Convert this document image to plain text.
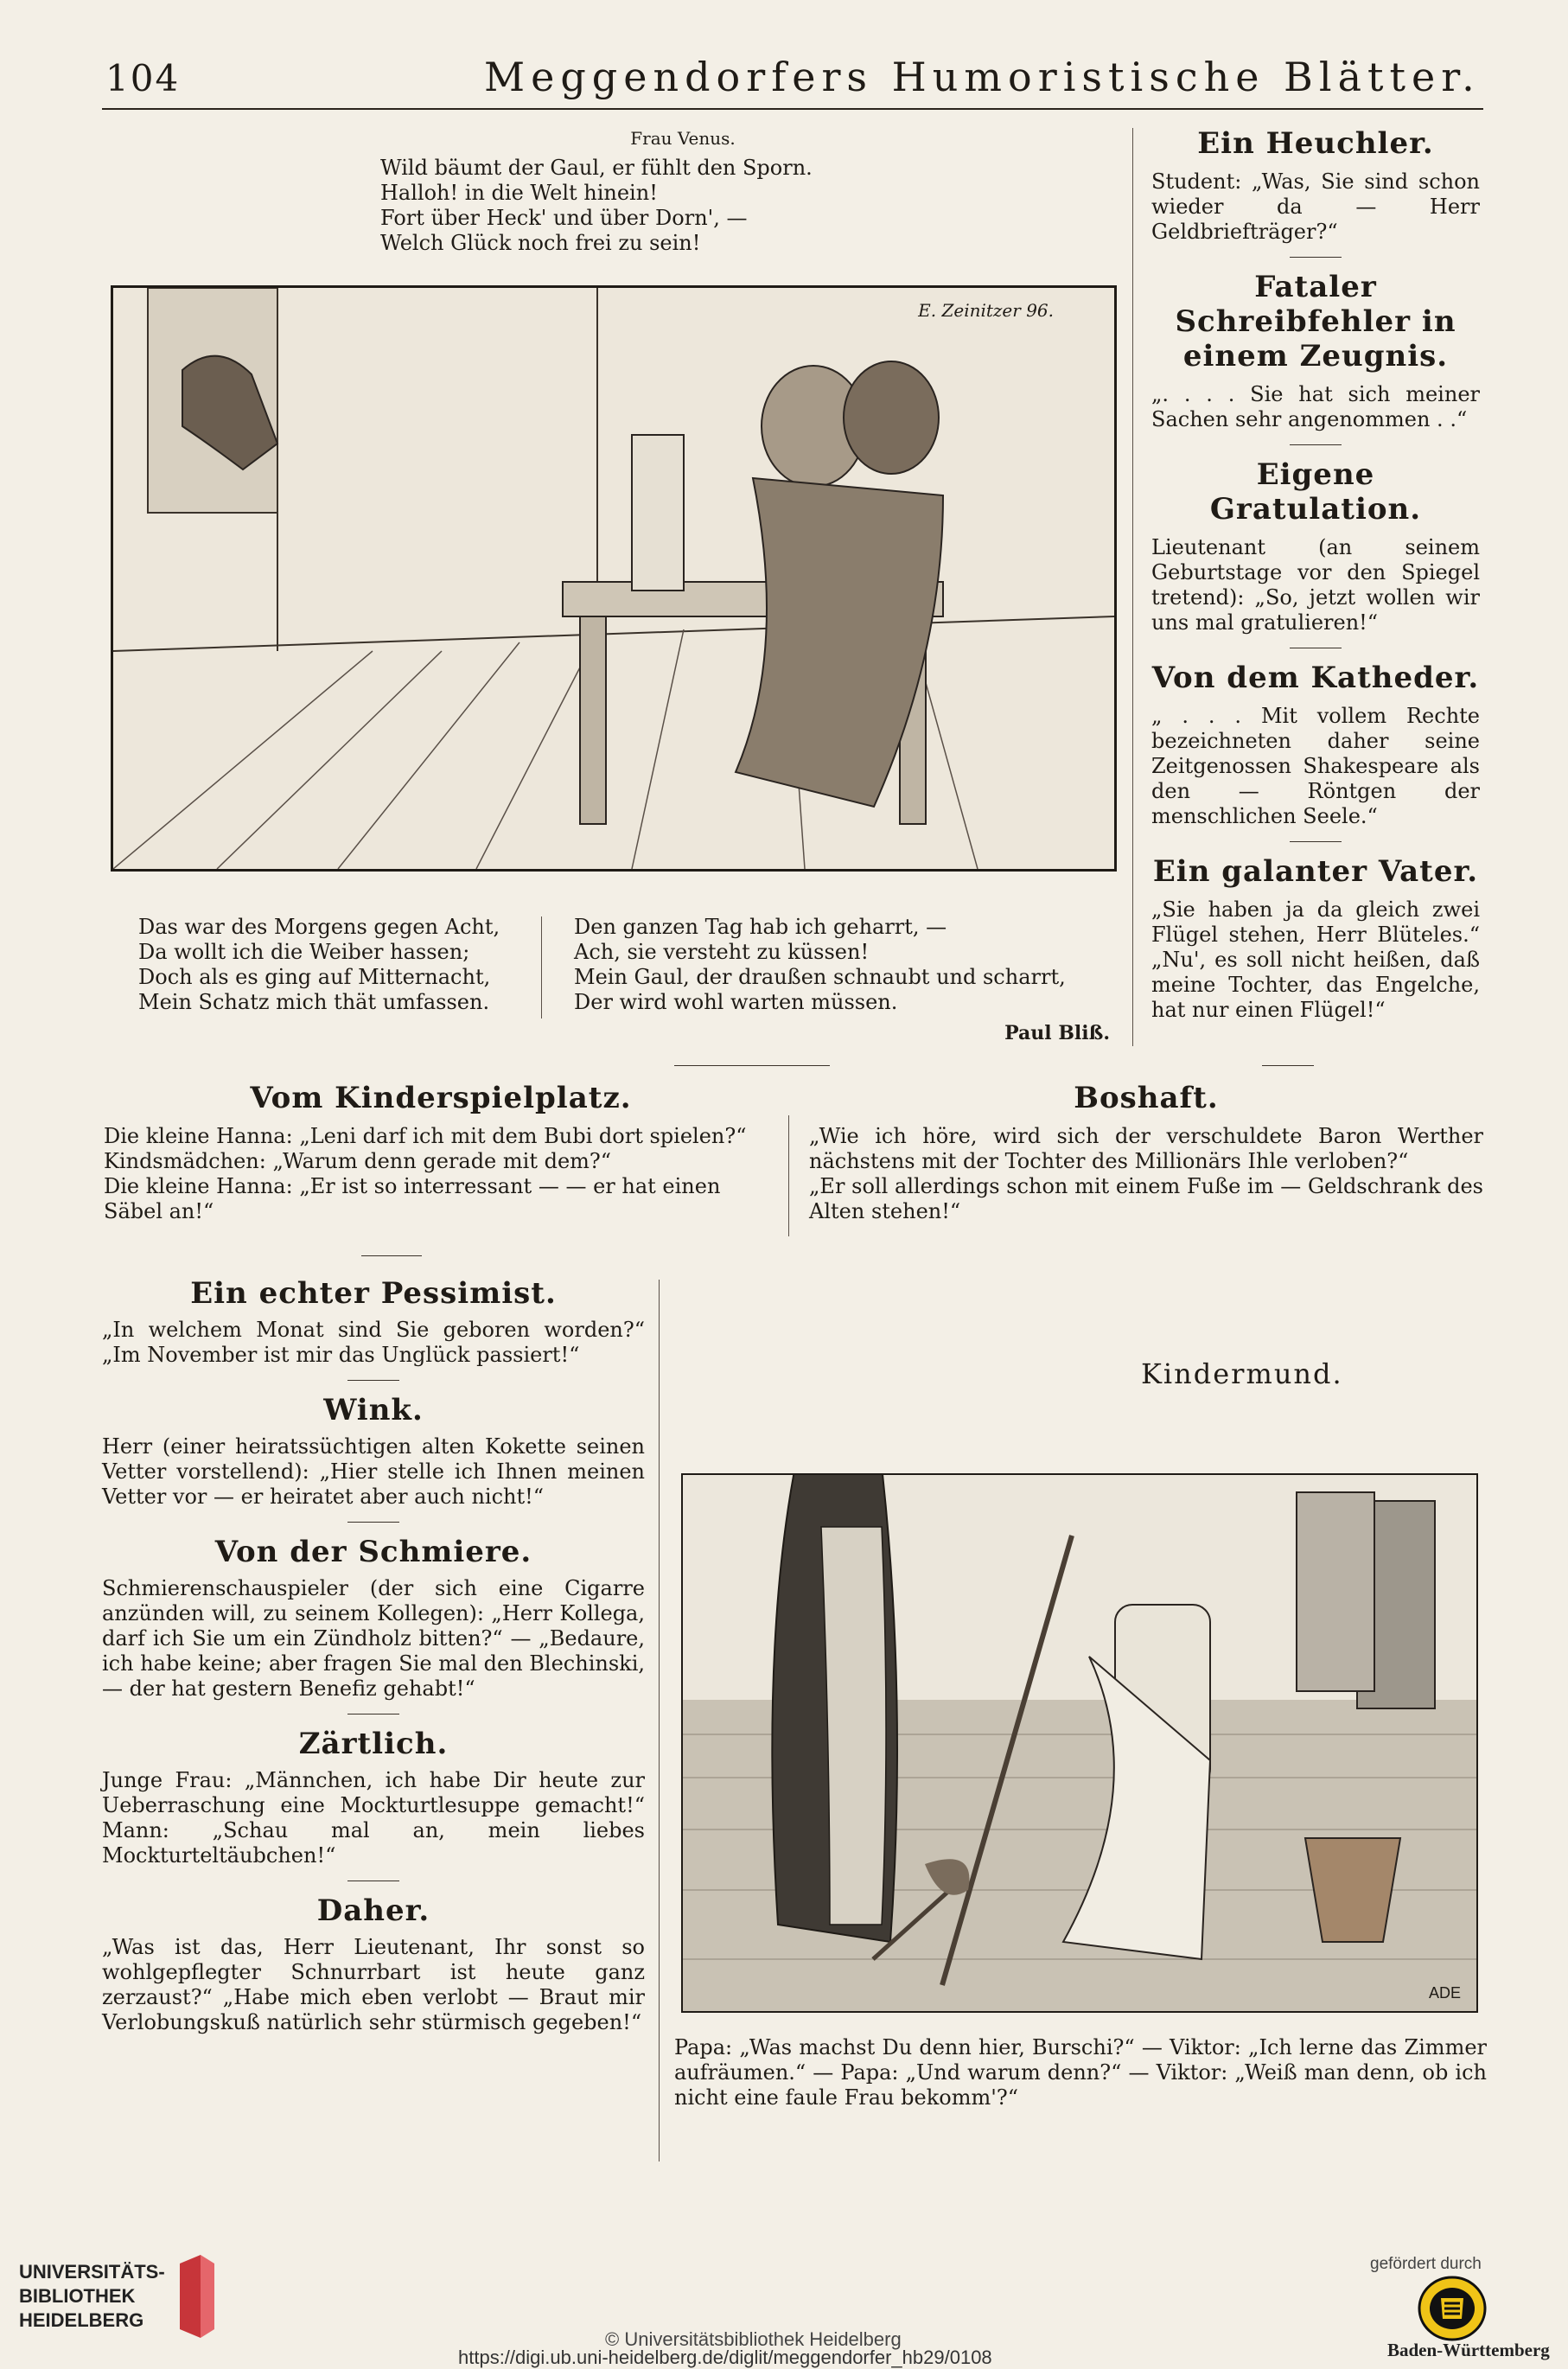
104	Meggendorfers Humoristische Blätter.
Frau Venus.

Wild bäumt der Gaul, er fühlt den Sporn.

Halloh! in die Welt hinein!

Fort über Heck' und über Dorn', —

Welch Glück noch frei zu sein!

E. Zeinitzer 96.

Das war des Morgens gegen Acht,

Da wollt ich die Weiber hassen;

Doch als es ging auf Mitternacht,

Mein Schatz mich thät umfassen.

Den ganzen Tag hab ich geharrt, —

Ach, sie versteht zu küssen!

Mein Gaul, der draußen schnaubt und scharrt,

Der wird wohl warten müssen.

Paul Bliß.

Ein Heuchler.

Student: „Was, Sie sind schon wieder da — Herr Geldbriefträger?“

Fataler Schreibfehler in einem Zeugnis.

„. . . . Sie hat sich meiner Sachen sehr angenommen . .“

Eigene Gratulation.

Lieutenant (an seinem Geburtstage vor den Spiegel tretend): „So, jetzt wollen wir uns mal gratulieren!“

Von dem Katheder.

„ . . . Mit vollem Rechte bezeichneten daher seine Zeitgenossen Shakespeare als den — Röntgen der menschlichen Seele.“

Ein galanter Vater.

„Sie haben ja da gleich zwei Flügel stehen, Herr Blüteles.“ „Nu', es soll nicht heißen, daß meine Tochter, das Engelche, hat nur einen Flügel!“

Vom Kinderspielplatz.

Die kleine Hanna: „Leni darf ich mit dem Bubi dort spielen?“

Kindsmädchen: „Warum denn gerade mit dem?“

Die kleine Hanna: „Er ist so interressant — — er hat einen Säbel an!“

Boshaft.

„Wie ich höre, wird sich der verschuldete Baron Werther nächstens mit der Tochter des Millionärs Ihle verloben?“

„Er soll allerdings schon mit einem Fuße im — Geldschrank des Alten stehen!“

Ein echter Pessimist.

„In welchem Monat sind Sie geboren worden?“ „Im November ist mir das Unglück passiert!“

Wink.

Herr (einer heiratssüchtigen alten Kokette seinen Vetter vorstellend): „Hier stelle ich Ihnen meinen Vetter vor — er heiratet aber auch nicht!“

Von der Schmiere.

Schmierenschauspieler (der sich eine Cigarre anzünden will, zu seinem Kollegen): „Herr Kollega, darf ich Sie um ein Zündholz bitten?“ — „Bedaure, ich habe keine; aber fragen Sie mal den Blechinski, — der hat gestern Benefiz gehabt!“

Zärtlich.

Junge Frau: „Männchen, ich habe Dir heute zur Ueberraschung eine Mockturtlesuppe gemacht!“ Mann: „Schau mal an, mein liebes Mockturteltäubchen!“

Daher.

„Was ist das, Herr Lieutenant, Ihr sonst so wohlgepflegter Schnurrbart ist heute ganz zerzaust?“ „Habe mich eben verlobt — Braut mir Verlobungskuß natürlich sehr stürmisch gegeben!“

Kindermund.
ADE

Papa: „Was machst Du denn hier, Burschi?“ — Viktor: „Ich lerne das Zimmer aufräumen.“ — Papa: „Und warum denn?“ — Viktor: „Weiß man denn, ob ich nicht eine faule Frau bekomm'?“

UNIVERSITÄTS-
BIBLIOTHEK
HEIDELBERG
© Universitätsbibliothek Heidelberg
https://digi.ub.uni-heidelberg.de/diglit/meggendorfer_hb29/0108
gefördert durch
Baden-Württemberg
